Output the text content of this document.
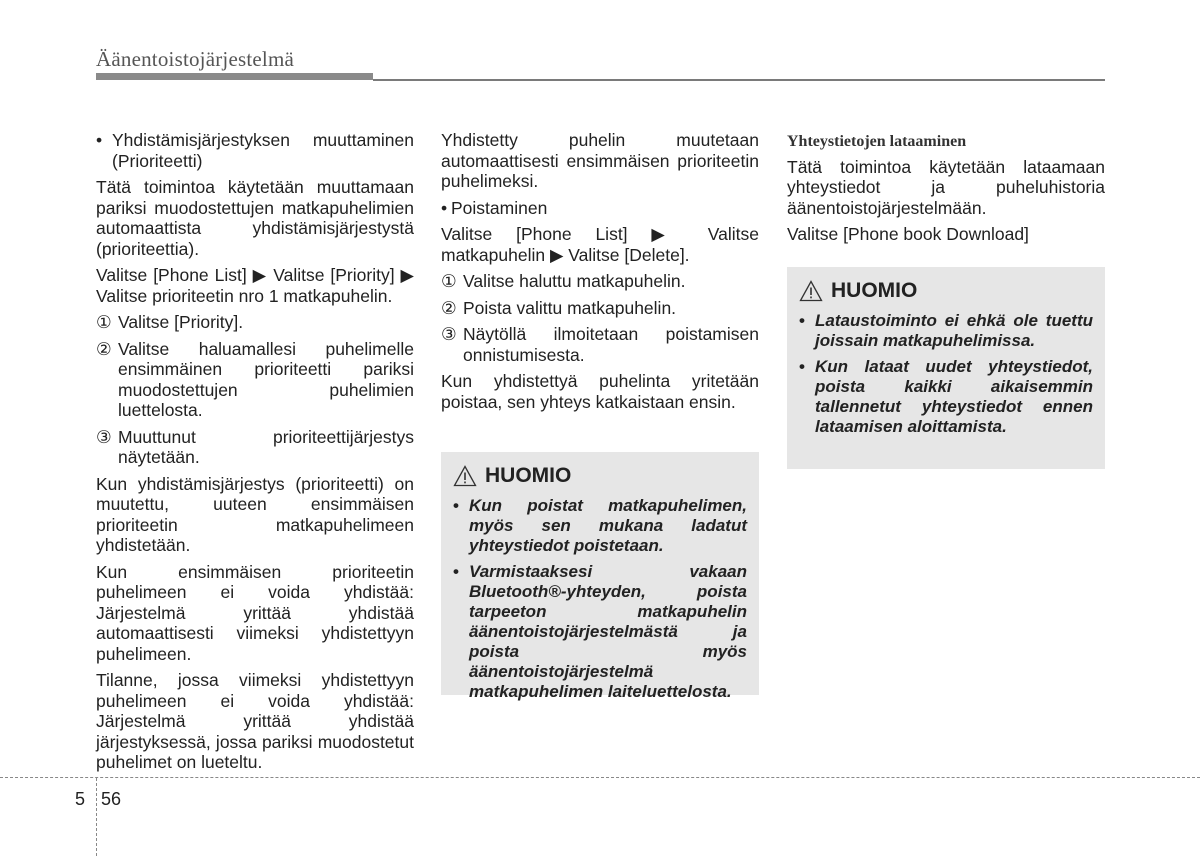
Äänentoistojärjestelmä
• Yhdistämisjärjestyksen muuttaminen (Prioriteetti)

Tätä toimintoa käytetään muuttamaan pariksi muodostettujen matkapuhelimien automaattista yhdistämisjärjestystä (prioriteettia).

Valitse [Phone List] ▶ Valitse [Priority] ▶ Valitse prioriteetin nro 1 matkapuhelin.

① Valitse [Priority].
② Valitse haluamallesi puhelimelle ensimmäinen prioriteetti pariksi muodostettujen puhelimien luettelosta.
③ Muuttunut prioriteettijärjestys näytetään.

Kun yhdistämisjärjestys (prioriteetti) on muutettu, uuteen ensimmäisen prioriteetin matkapuhelimeen yhdistetään.

Kun ensimmäisen prioriteetin puhelimeen ei voida yhdistää: Järjestelmä yrittää yhdistää automaattisesti viimeksi yhdistettyyn puhelimeen.

Tilanne, jossa viimeksi yhdistettyyn puhelimeen ei voida yhdistää: Järjestelmä yrittää yhdistää järjestyksessä, jossa pariksi muodostetut puhelimet on lueteltu.

Yhdistetty puhelin muutetaan automaattisesti ensimmäisen prioriteetin puhelimeksi.

• Poistaminen

Valitse [Phone List] ▶ Valitse matkapuhelin ▶ Valitse [Delete].

① Valitse haluttu matkapuhelin.
② Poista valittu matkapuhelin.
③ Näytöllä ilmoitetaan poistamisen onnistumisesta.

Kun yhdistettyä puhelinta yritetään poistaa, sen yhteys katkaistaan ensin.

HUOMIO
• Kun poistat matkapuhelimen, myös sen mukana ladatut yhteystiedot poistetaan.
• Varmistaaksesi vakaan Bluetooth®-yhteyden, poista tarpeeton matkapuhelin äänentoistojärjestelmästä ja poista myös äänentoistojärjestelmä matkapuhelimen laiteluettelosta.
Yhteystietojen lataaminen

Tätä toimintoa käytetään lataamaan yhteystiedot ja puheluhistoria äänentoistojärjestelmään.

Valitse [Phone book Download]

HUOMIO
• Lataustoiminto ei ehkä ole tuettu joissain matkapuhelimissa.
• Kun lataat uudet yhteystiedot, poista kaikki aikaisemmin tallennetut yhteystiedot ennen lataamisen aloittamista.
5 56
